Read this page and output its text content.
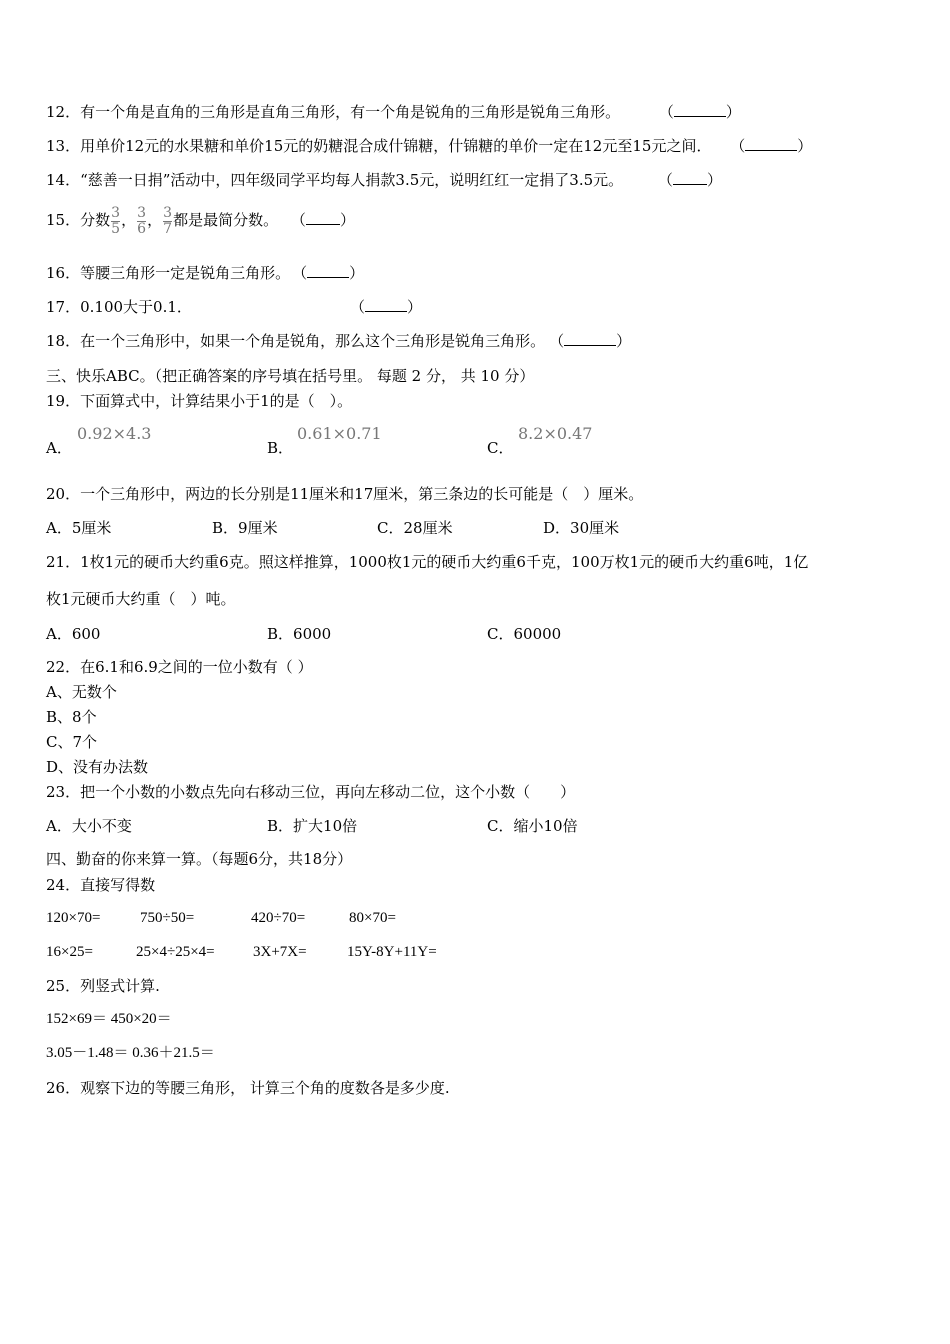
12．有一个角是直角的三角形是直角三角形，有一个角是锐角的三角形是锐角三角形。	（	）
13．用单价12元的水果糖和单价15元的奶糖混合成什锦糖，什锦糖的单价一定在12元至15元之间． （	）
14．“慈善一日捐”活动中，四年级同学平均每人捐款3.5元，说明红红一定捐了3.5元。 （ ）
15．分数 $\frac{3}{5}$ ， $\frac{3}{6}$ ， $\frac{3}{7}$ 都是最简分数。 （ ）
16．等腰三角形一定是锐角三角形。 （	）
17．0.100大于0.1．	（	）
18．在一个三角形中，如果一个角是锐角，那么这个三角形是锐角三角形。 （	）
三、快乐ABC。（把正确答案的序号填在括号里。 每题 2 分， 共 10 分）
19．下面算式中，计算结果小于1的是（　）。
A．
0.92×4.3
B．
0.61×0.71
C．
8.2×0.47
20．一个三角形中，两边的长分别是11厘米和17厘米，第三条边的长可能是（　）厘米。
A．5厘米	B．9厘米	C．28厘米	D．30厘米
21．1枚1元的硬币大约重6克。照这样推算，1000枚1元的硬币大约重6千克，100万枚1元的硬币大约重6吨，1亿
枚1元硬币大约重（　）吨。
A．600	B．6000	C．60000
22．在6.1和6.9之间的一位小数有（ ）
A、无数个
B、8个
C、7个
D、没有办法数
23．把一个小数的小数点先向右移动三位，再向左移动二位，这个小数（　　）
A．大小不变	B．扩大10倍	C．缩小10倍
四、勤奋的你来算一算。（每题6分，共18分）
24．直接写得数
120×70=	750÷50=	420÷70=	80×70=
16×25=	25×4÷25×4=	3X+7X=	15Y-8Y+11Y=
25．列竖式计算.
152×69＝ 450×20＝
3.05－1.48＝ 0.36＋21.5＝
26．观察下边的等腰三角形， 计算三个角的度数各是多少度.
